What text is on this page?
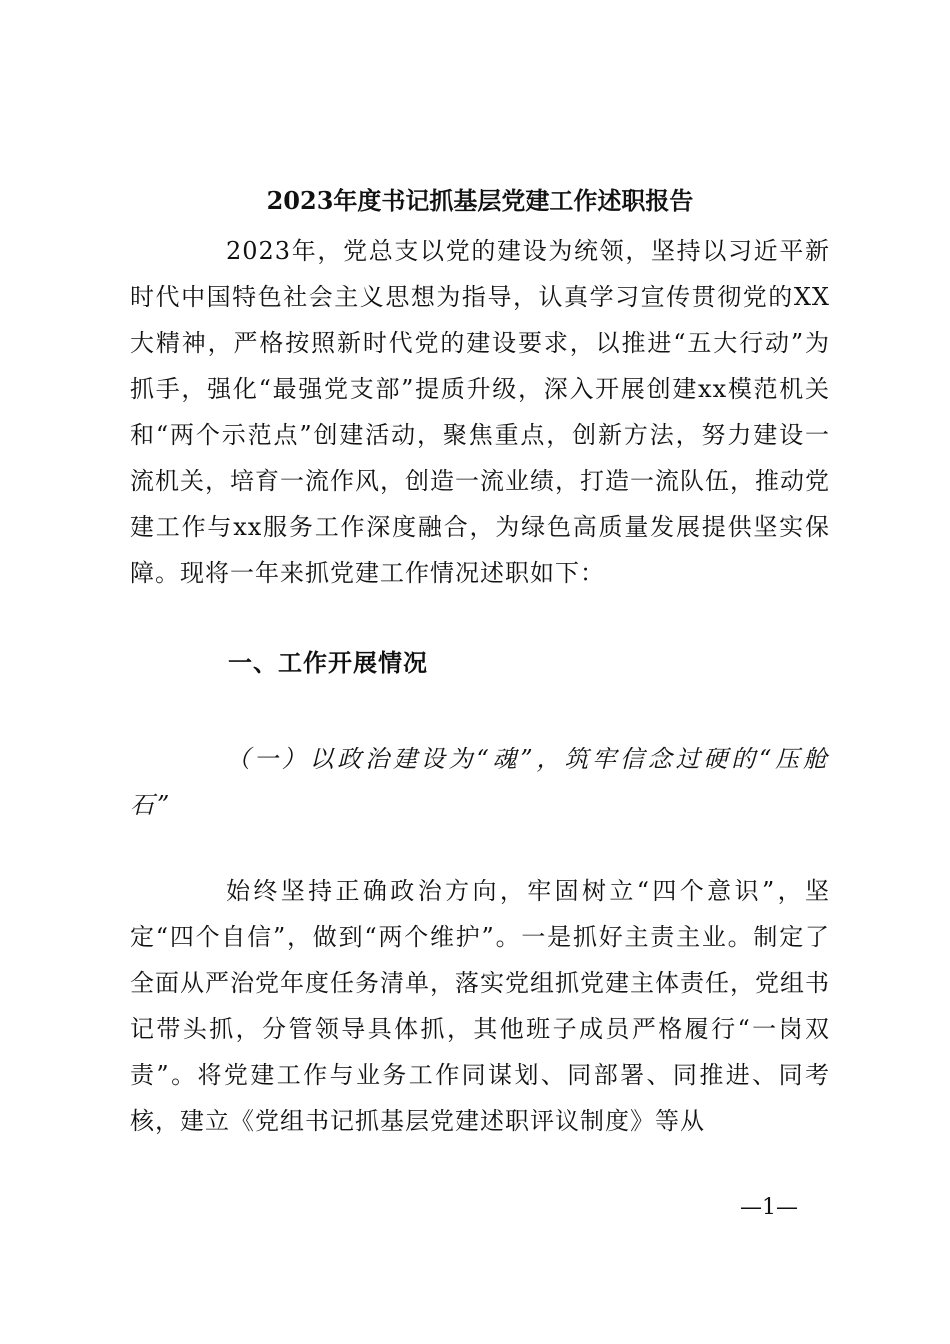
2023年度书记抓基层党建工作述职报告

2023年，党总支以党的建设为统领，坚持以习近平新时代中国特色社会主义思想为指导，认真学习宣传贯彻党的XX大精神，严格按照新时代党的建设要求，以推进“五大行动”为抓手，强化“最强党支部”提质升级，深入开展创建xx模范机关和“两个示范点”创建活动，聚焦重点，创新方法，努力建设一流机关，培育一流作风，创造一流业绩，打造一流队伍，推动党建工作与xx服务工作深度融合，为绿色高质量发展提供坚实保障。现将一年来抓党建工作情况述职如下：

一、工作开展情况

（一）以政治建设为“魂”，筑牢信念过硬的“压舱石”

始终坚持正确政治方向，牢固树立“四个意识”，坚定“四个自信”，做到“两个维护”。一是抓好主责主业。制定了全面从严治党年度任务清单，落实党组抓党建主体责任，党组书记带头抓，分管领导具体抓，其他班子成员严格履行“一岗双责”。将党建工作与业务工作同谋划、同部署、同推进、同考核，建立《党组书记抓基层党建述职评议制度》等从

—1—
